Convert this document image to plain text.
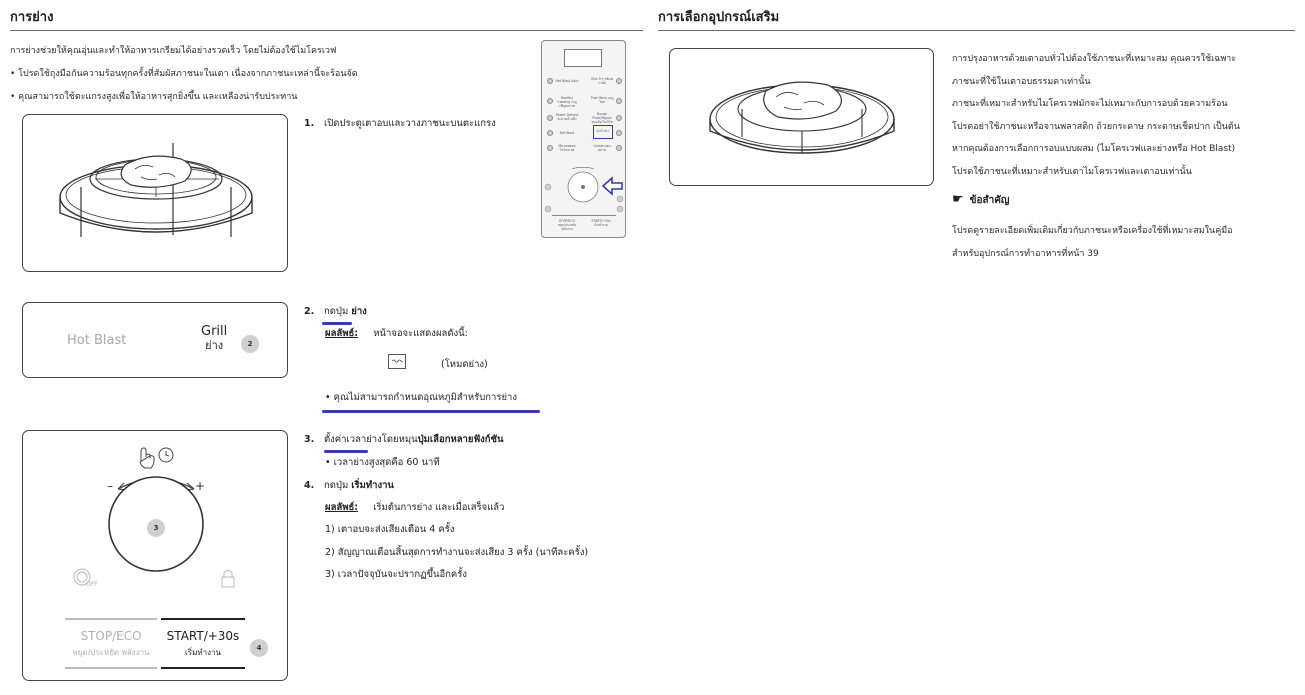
การย่าง	การเลือกอุปกรณ์เสริม
การย่างช่วยให้คุณอุ่นและทำให้อาหารเกรียมได้อย่างรวดเร็ว โดยไม่ต้องใช้ไมโครเวฟ
• โปรดใช้ถุงมือกันความร้อนทุกครั้งที่สัมผัสภาชนะในเตา เนื่องจากภาชนะเหล่านี้จะร้อนจัด
• คุณสามารถใช้ตะแกรงสูงเพื่อให้อาหารสุกยิ่งขึ้น และเหลืองน่ารับประทาน
1. เปิดประตูเตาอบและวางภาชนะบนตะแกรง
Hot Blast Auto	Slim Fry สลิมฟรายด์
Healthy Cooking เมนูเพื่อสุขภาพ
Thai Menu เมนูไทย
Power Defrost ละลายน้ำแข็ง
Dough Proof/Yogurt ขนมปัง/โยเกิร์ต
Hot Blast	Grill ย่าง
Microwave ไมโครเวฟ
Combi ผสมผสาน
STOP/ECO
หยุด/ประหยัด พลังงาน
START/+30s
เริ่มทำงาน
Hot Blast
Grill
ย่าง	2
2. กดปุ่ม ย่าง
ผลลัพธ์: หน้าจอจะแสดงผลดังนี้:
(โหมดย่าง)
• คุณไม่สามารถกำหนดอุณหภูมิสำหรับการย่าง
–	+
3
OFF
STOP/ECO
หยุด/ประหยัด พลังงาน
START/+30s
เริ่มทำงาน	4
3. ตั้งค่าเวลาย่างโดยหมุนปุ่มเลือกหลายฟังก์ชัน
• เวลาย่างสูงสุดคือ 60 นาที
4. กดปุ่ม เริ่มทำงาน
ผลลัพธ์: เริ่มต้นการย่าง และเมื่อเสร็จแล้ว
1) เตาอบจะส่งเสียงเตือน 4 ครั้ง
2) สัญญาณเตือนสิ้นสุดการทำงานจะส่งเสียง 3 ครั้ง (นาทีละครั้ง)
3) เวลาปัจจุบันจะปรากฏขึ้นอีกครั้ง
การปรุงอาหารด้วยเตาอบทั่วไปต้องใช้ภาชนะที่เหมาะสม คุณควรใช้เฉพาะ
ภาชนะที่ใช้ในเตาอบธรรมดาเท่านั้น
ภาชนะที่เหมาะสำหรับไมโครเวฟมักจะไม่เหมาะกับการอบด้วยความร้อน
โปรดอย่าใช้ภาชนะหรือจานพลาสติก ถ้วยกระดาษ กระดาษเช็ดปาก เป็นต้น
หากคุณต้องการเลือกการอบแบบผสม (ไมโครเวฟและย่างหรือ Hot Blast)
โปรดใช้ภาชนะที่เหมาะสำหรับเตาไมโครเวฟและเตาอบเท่านั้น
☛ ข้อสำคัญ
โปรดดูรายละเอียดเพิ่มเติมเกี่ยวกับภาชนะหรือเครื่องใช้ที่เหมาะสมในคู่มือ
สำหรับอุปกรณ์การทำอาหารที่หน้า 39
